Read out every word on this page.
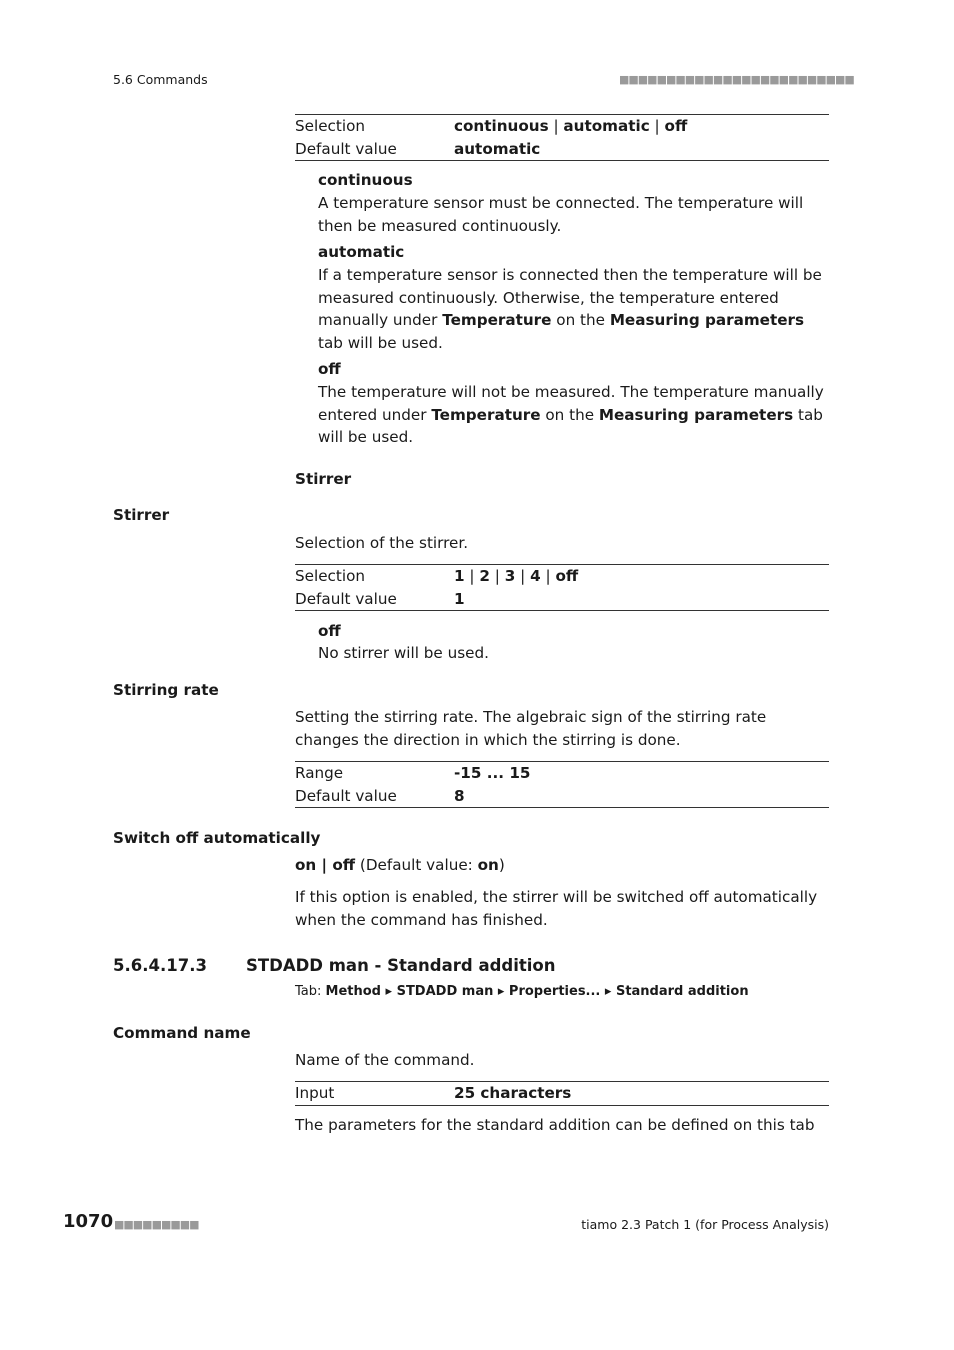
5.6 Commands	■■■■■■■■■■■■■■■■■■■■■■■■■
Selection	continuous | automatic | off
Default value	automatic
continuous
A temperature sensor must be connected. The temperature will then be measured continuously.
automatic
If a temperature sensor is connected then the temperature will be measured continuously. Otherwise, the temperature entered manually under Temperature on the Measuring parameters tab will be used.
off
The temperature will not be measured. The temperature manually entered under Temperature on the Measuring parameters tab will be used.
Stirrer
Stirrer
Selection of the stirrer.
Selection	1 | 2 | 3 | 4 | off
Default value	1
off
No stirrer will be used.
Stirring rate
Setting the stirring rate. The algebraic sign of the stirring rate changes the direction in which the stirring is done.
Range	-15 ... 15
Default value	8
Switch off automatically
on | off (Default value: on)
If this option is enabled, the stirrer will be switched off automatically when the command has finished.
5.6.4.17.3 STDADD man - Standard addition
Tab: Method ▸ STDADD man ▸ Properties... ▸ Standard addition
Command name
Name of the command.
Input	25 characters
The parameters for the standard addition can be defined on this tab
1070 ■■■■■■■■■	tiamo 2.3 Patch 1 (for Process Analysis)
